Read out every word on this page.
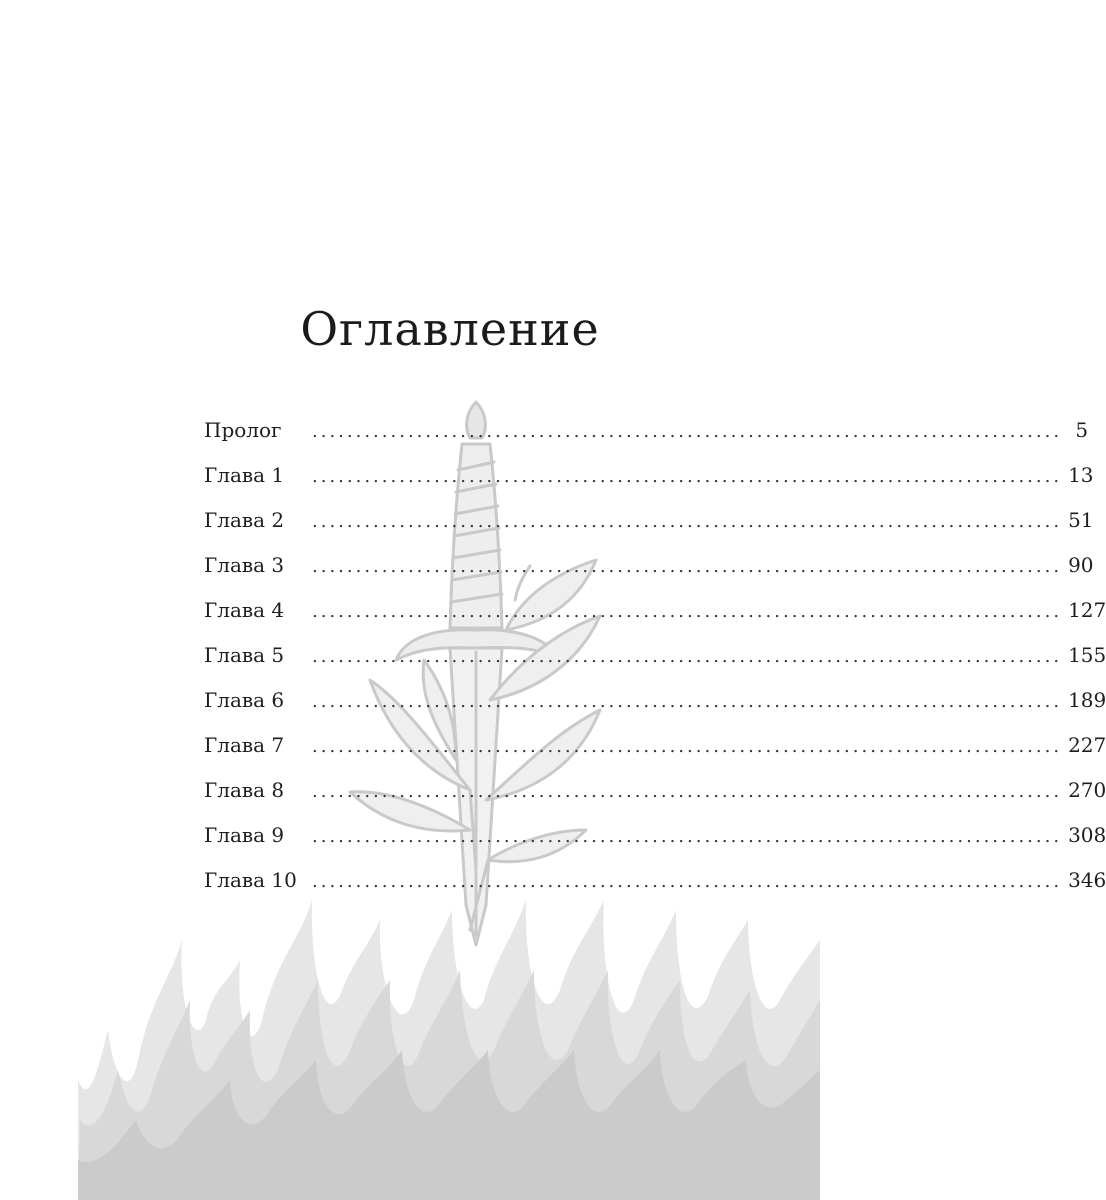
Оглавление
Пролог	...................................................................................... 5
Глава 1	...................................................................................... 13
Глава 2	...................................................................................... 51
Глава 3	...................................................................................... 90
Глава 4	...................................................................................... 127
Глава 5	...................................................................................... 155
Глава 6	...................................................................................... 189
Глава 7	...................................................................................... 227
Глава 8	...................................................................................... 270
Глава 9	...................................................................................... 308
Глава 10 ...................................................................................... 346
